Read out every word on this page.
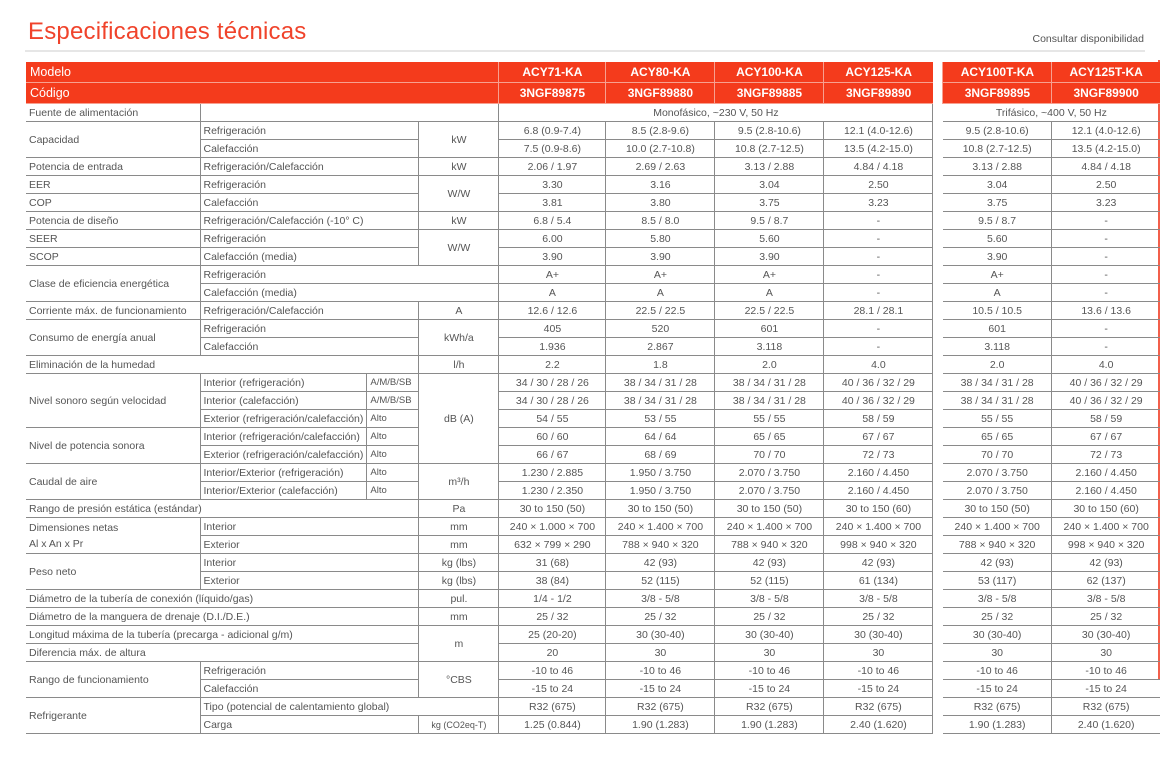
Especificaciones técnicas	Consultar disponibilidad
Modelo				ACY71-KA	ACY80-KA	ACY100-KA	ACY125-KA		ACY100T-KA	ACY125T-KA
Código				3NGF89875	3NGF89880	3NGF89885	3NGF89890		3NGF89895	3NGF89900
Fuente de alimentación				Monofásico, ~230 V, 50 Hz					Trifásico, ~400 V, 50 Hz	
Capacidad	Refrigeración		kW	6.8 (0.9-7.4)	8.5 (2.8-9.6)	9.5 (2.8-10.6)	12.1 (4.0-12.6)		9.5 (2.8-10.6)	12.1 (4.0-12.6)
	Calefacción			7.5 (0.9-8.6)	10.0 (2.7-10.8)	10.8 (2.7-12.5)	13.5 (4.2-15.0)		10.8 (2.7-12.5)	13.5 (4.2-15.0)
Potencia de entrada	Refrigeración/Calefacción		kW	2.06 / 1.97	2.69 / 2.63	3.13 / 2.88	4.84 / 4.18		3.13 / 2.88	4.84 / 4.18
EER	Refrigeración		W/W	3.30	3.16	3.04	2.50		3.04	2.50
COP	Calefacción			3.81	3.80	3.75	3.23		3.75	3.23
Potencia de diseño	Refrigeración/Calefacción (-10° C)		kW	6.8 / 5.4	8.5 / 8.0	9.5 / 8.7	-		9.5 / 8.7	-
SEER	Refrigeración		W/W	6.00	5.80	5.60	-		5.60	-
SCOP	Calefacción (media)			3.90	3.90	3.90	-		3.90	-
Clase de eficiencia energética	Refrigeración			A+	A+	A+	-		A+	-
	Calefacción (media)			A	A	A	-		A	-
Corriente máx. de funcionamiento	Refrigeración/Calefacción		A	12.6 / 12.6	22.5 / 22.5	22.5 / 22.5	28.1 / 28.1		10.5 / 10.5	13.6 / 13.6
Consumo de energía anual	Refrigeración		kWh/a	405	520	601	-		601	-
	Calefacción			1.936	2.867	3.118	-		3.118	-
Eliminación de la humedad			l/h	2.2	1.8	2.0	4.0		2.0	4.0
Nivel sonoro según velocidad	Interior (refrigeración)	A/M/B/SB	dB (A)	34 / 30 / 28 / 26	38 / 34 / 31 / 28	38 / 34 / 31 / 28	40 / 36 / 32 / 29		38 / 34 / 31 / 28	40 / 36 / 32 / 29
	Interior (calefacción)	A/M/B/SB		34 / 30 / 28 / 26	38 / 34 / 31 / 28	38 / 34 / 31 / 28	40 / 36 / 32 / 29		38 / 34 / 31 / 28	40 / 36 / 32 / 29
	Exterior (refrigeración/calefacción)	Alto		54 / 55	53 / 55	55 / 55	58 / 59		55 / 55	58 / 59
Nivel de potencia sonora	Interior (refrigeración/calefacción)	Alto		60 / 60	64 / 64	65 / 65	67 / 67		65 / 65	67 / 67
	Exterior (refrigeración/calefacción)	Alto		66 / 67	68 / 69	70 / 70	72 / 73		70 / 70	72 / 73
Caudal de aire	Interior/Exterior (refrigeración)	Alto	m³/h	1.230 / 2.885	1.950 / 3.750	2.070 / 3.750	2.160 / 4.450		2.070 / 3.750	2.160 / 4.450
	Interior/Exterior (calefacción)	Alto		1.230 / 2.350	1.950 / 3.750	2.070 / 3.750	2.160 / 4.450		2.070 / 3.750	2.160 / 4.450
Rango de presión estática (estándar)			Pa	30 to 150 (50)	30 to 150 (50)	30 to 150 (50)	30 to 150 (60)		30 to 150 (50)	30 to 150 (60)

Dimensiones netas
Al x An x Pr	Interior		mm	240 × 1.000 × 700	240 × 1.400 × 700	240 × 1.400 × 700	240 × 1.400 × 700		240 × 1.400 × 700	240 × 1.400 × 700
	Exterior		mm	632 × 799 × 290	788 × 940 × 320	788 × 940 × 320	998 × 940 × 320		788 × 940 × 320	998 × 940 × 320
Peso neto	Interior		kg (lbs)	31 (68)	42 (93)	42 (93)	42 (93)		42 (93)	42 (93)
	Exterior		kg (lbs)	38 (84)	52 (115)	52 (115)	61 (134)		53 (117)	62 (137)
Diámetro de la tubería de conexión (líquido/gas)			pul.	1/4 - 1/2	3/8 - 5/8	3/8 - 5/8	3/8 - 5/8		3/8 - 5/8	3/8 - 5/8
Diámetro de la manguera de drenaje (D.I./D.E.)			mm	25 / 32	25 / 32	25 / 32	25 / 32		25 / 32	25 / 32
Longitud máxima de la tubería (precarga - adicional g/m)			m	25 (20-20)	30 (30-40)	30 (30-40)	30 (30-40)		30 (30-40)	30 (30-40)
Diferencia máx. de altura				20	30	30	30		30	30
Rango de funcionamiento	Refrigeración		°CBS	-10 to 46	-10 to 46	-10 to 46	-10 to 46		-10 to 46	-10 to 46
	Calefacción			-15 to 24	-15 to 24	-15 to 24	-15 to 24		-15 to 24	-15 to 24
Refrigerante	Tipo (potencial de calentamiento global)			R32 (675)	R32 (675)	R32 (675)	R32 (675)		R32 (675)	R32 (675)
	Carga		kg (CO2eq-T)	1.25 (0.844)	1.90 (1.283)	1.90 (1.283)	2.40 (1.620)		1.90 (1.283)	2.40 (1.620)
